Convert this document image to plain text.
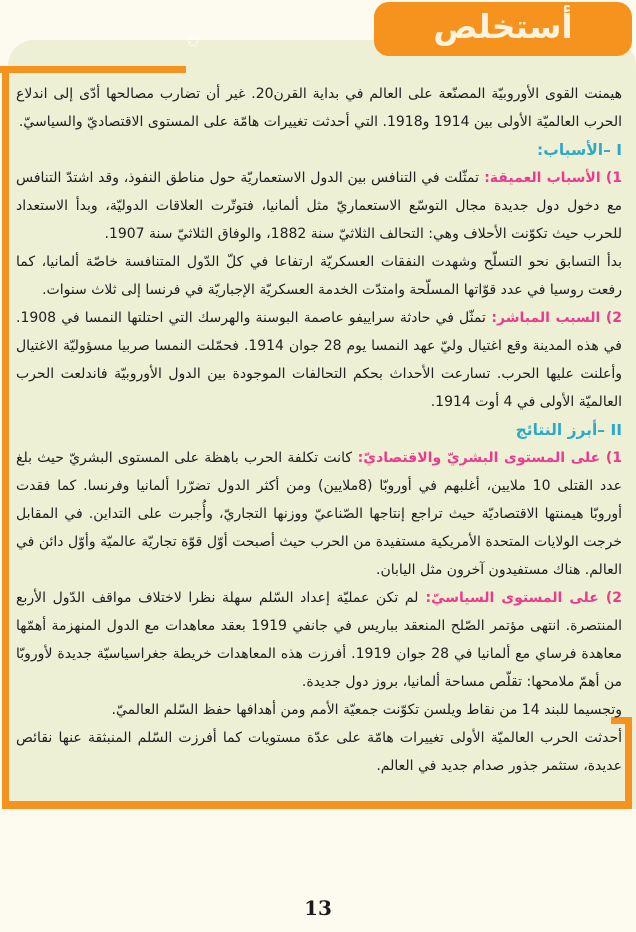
✩	أستخلص

هيمنت القوى الأوروبيّة المصنّعة على العالم في بداية القرن20. غير أن تضارب مصالحها أدّى إلى اندلاع الحرب العالميّة الأولى بين 1914 و1918. التي أحدثت تغييرات هامّة على المستوى الاقتصاديّ والسياسيّ.

I –الأسباب:

1) الأسباب العميقة:تمثّلت في التنافس بين الدول الاستعماريّة حول مناطق النفوذ، وقد اشتدّ التنافس مع دخول دول جديدة مجال التوسّع الاستعماريّ مثل ألمانيا، فتوتّرت العلاقات الدوليّة، وبدأ الاستعداد للحرب حيث تكوّنت الأحلاف وهي: التحالف الثلاثيّ سنة 1882، والوفاق الثلاثيّ سنة 1907.

بدأ التسابق نحو التسلّح وشهدت النفقات العسكريّة ارتفاعا في كلّ الدّول المتنافسة خاصّة ألمانيا، كما رفعت روسيا في عدد قوّاتها المسلّحة وامتدّت الخدمة العسكريّة الإجباريّة في فرنسا إلى ثلاث سنوات.

2) السبب المباشر:تمثّل في حادثة سراييفو عاصمة البوسنة والهرسك التي احتلتها النمسا في 1908. في هذه المدينة وقع اغتيال وليّ عهد النمسا يوم 28 جوان 1914. فحمّلت النمسا صربيا مسؤوليّة الاغتيال وأعلنت عليها الحرب. تسارعت الأحداث بحكم التحالفات الموجودة بين الدول الأوروبيّة فاندلعت الحرب العالميّة الأولى في 4 أوت 1914.

II –أبرز النتائج

1) على المستوى البشريّ والاقتصاديّ:كانت تكلفة الحرب باهظة على المستوى البشريّ حيث بلغ عدد القتلى 10 ملايين، أغلبهم في أوروبّا (8ملايين) ومن أكثر الدول تضرّرا ألمانيا وفرنسا. كما فقدت أوروبّا هيمنتها الاقتصاديّة حيث تراجع إنتاجها الصّناعيّ ووزنها التجاريّ، وأُجبرت على التداين. في المقابل خرجت الولايات المتحدة الأمريكية مستفيدة من الحرب حيث أصبحت أوّل قوّة تجاريّة عالميّة وأوّل دائن في العالم. هناك مستفيدون آخرون مثل اليابان.

2) على المستوى السياسيّ:لم تكن عمليّة إعداد السّلم سهلة نظرا لاختلاف مواقف الدّول الأربع المنتصرة. انتهى مؤتمر الصّلح المنعقد بباريس في جانفي 1919 بعقد معاهدات مع الدول المنهزمة أهمّها معاهدة فرساي مع ألمانيا في 28 جوان 1919. أفرزت هذه المعاهدات خريطة جغراسياسيّة جديدة لأوروبّا من أهمّ ملامحها: تقلّص مساحة ألمانيا، بروز دول جديدة.

وتجسيما للبند 14 من نقاط ويلسن تكوّنت جمعيّة الأمم ومن أهدافها حفظ السّلم العالميّ.

أحدثت الحرب العالميّة الأولى تغييرات هامّة على عدّة مستويات كما أفرزت السّلم المنبثقة عنها نقائص عديدة، ستثمر جذور صدام جديد في العالم.

13
